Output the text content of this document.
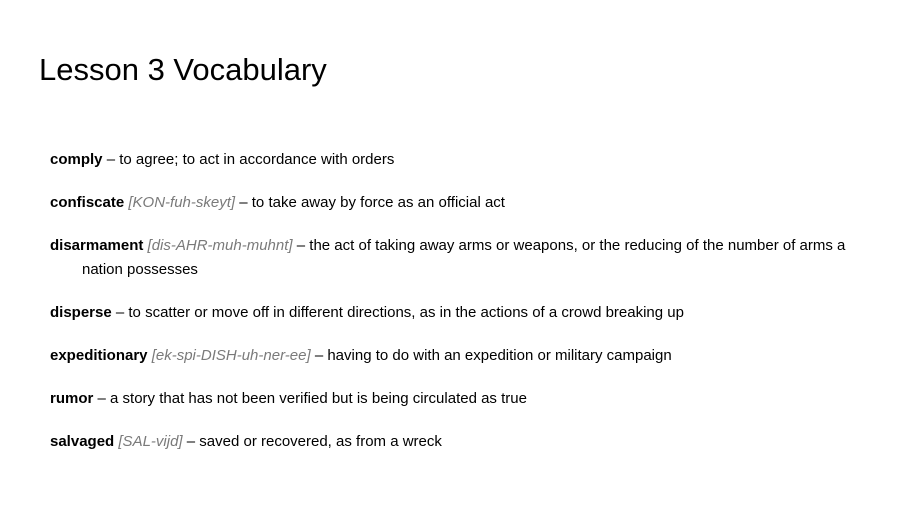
Lesson 3 Vocabulary
comply – to agree; to act in accordance with orders
confiscate [KON-fuh-skeyt] – to take away by force as an official act
disarmament [dis-AHR-muh-muhnt] – the act of taking away arms or weapons, or the reducing of the number of arms a nation possesses
disperse – to scatter or move off in different directions, as in the actions of a crowd breaking up
expeditionary [ek-spi-DISH-uh-ner-ee] – having to do with an expedition or military campaign
rumor – a story that has not been verified but is being circulated as true
salvaged [SAL-vijd] – saved or recovered, as from a wreck
